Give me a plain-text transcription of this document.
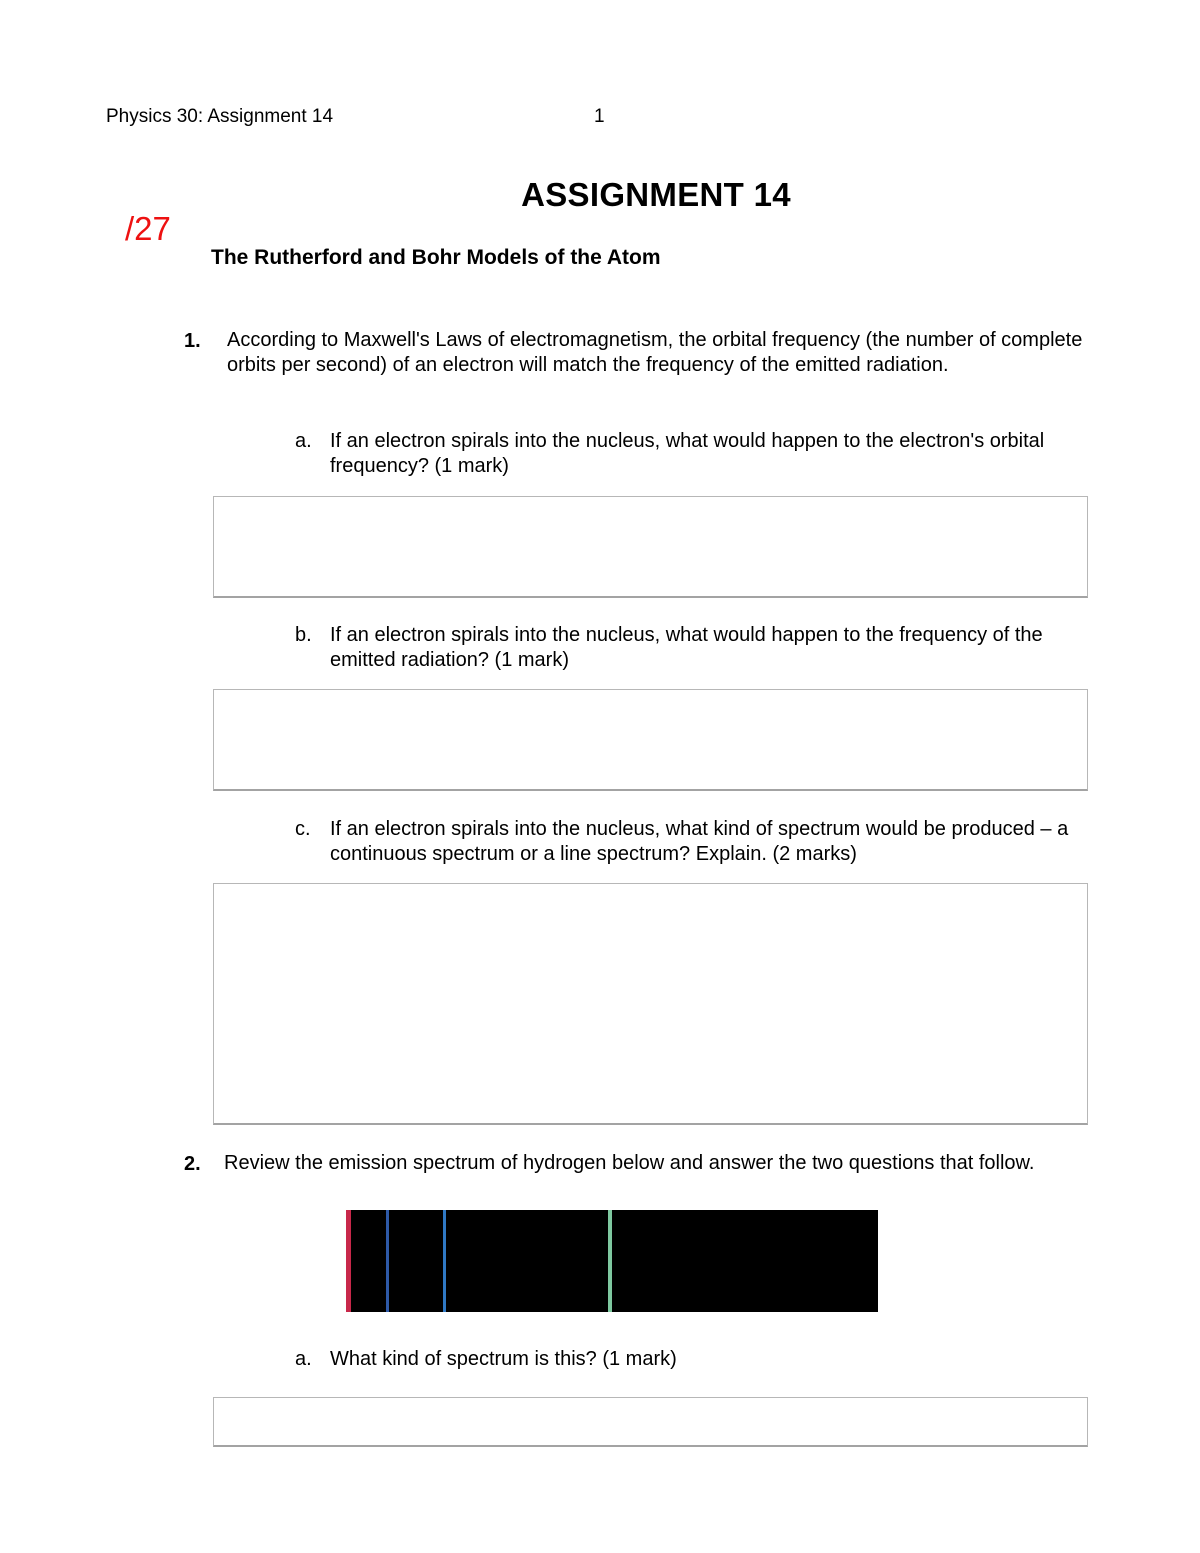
Physics 30: Assignment 14	1
ASSIGNMENT 14
/27
The Rutherford and Bohr Models of the Atom
1. According to Maxwell's Laws of electromagnetism, the orbital frequency (the number of complete orbits per second) of an electron will match the frequency of the emitted radiation.
a. If an electron spirals into the nucleus, what would happen to the electron's orbital frequency? (1 mark)
b. If an electron spirals into the nucleus, what would happen to the frequency of the emitted radiation? (1 mark)
c. If an electron spirals into the nucleus, what kind of spectrum would be produced – a continuous spectrum or a line spectrum? Explain. (2 marks)
2. Review the emission spectrum of hydrogen below and answer the two questions that follow.
a. What kind of spectrum is this? (1 mark)
